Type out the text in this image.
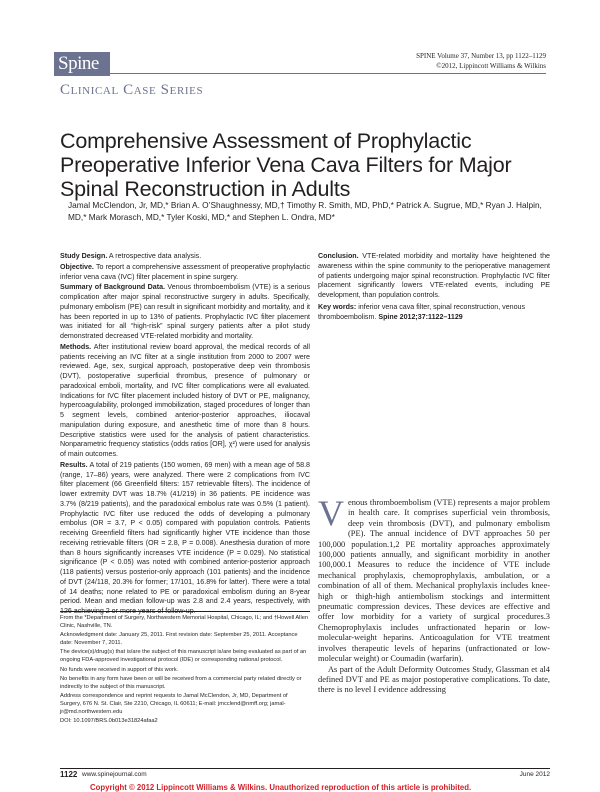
Spine	SPINE Volume 37, Number 13, pp 1122–1129
©2012, Lippincott Williams & Wilkins
Clinical Case Series
Comprehensive Assessment of Prophylactic Preoperative Inferior Vena Cava Filters for Major Spinal Reconstruction in Adults
Jamal McClendon, Jr, MD,* Brian A. O’Shaughnessy, MD,† Timothy R. Smith, MD, PhD,* Patrick A. Sugrue, MD,* Ryan J. Halpin, MD,* Mark Morasch, MD,* Tyler Koski, MD,* and Stephen L. Ondra, MD*

Study Design. A retrospective data analysis.

Objective. To report a comprehensive assessment of preoperative prophylactic inferior vena cava (IVC) filter placement in spine surgery.

Summary of Background Data. Venous thromboembolism (VTE) is a serious complication after major spinal reconstructive surgery in adults. Specifically, pulmonary embolism (PE) can result in significant morbidity and mortality, and it has been reported in up to 13% of patients. Prophylactic IVC filter placement was initiated for all “high-risk” spinal surgery patients after a pilot study demonstrated decreased VTE-related morbidity and mortality.

Methods. After institutional review board approval, the medical records of all patients receiving an IVC filter at a single institution from 2000 to 2007 were reviewed. Age, sex, surgical approach, postoperative deep vein thrombosis (DVT), postoperative superficial thrombus, presence of pulmonary or paradoxical emboli, mortality, and IVC filter complications were all evaluated. Indications for IVC filter placement included history of DVT or PE, malignancy, hypercoagulability, prolonged immobilization, staged procedures of longer than 5 segment levels, combined anterior-posterior approaches, iliocaval manipulation during exposure, and anesthetic time of more than 8 hours. Descriptive statistics were used for the analysis of patient characteristics. Nonparametric frequency statistics (odds ratios [OR], χ²) were used for analysis of main outcomes.

Results. A total of 219 patients (150 women, 69 men) with a mean age of 58.8 (range, 17–86) years, were analyzed. There were 2 complications from IVC filter placement (66 Greenfield filters: 157 retrievable filters). The incidence of lower extremity DVT was 18.7% (41/219) in 36 patients. PE incidence was 3.7% (8/219 patients), and the paradoxical embolus rate was 0.5% (1 patient). Prophylactic IVC filter use reduced the odds of developing a pulmonary embolus (OR = 3.7, P < 0.05) compared with population controls. Patients receiving Greenfield filters had significantly higher VTE incidence than those receiving retrievable filters (OR = 2.8, P = 0.008). Anesthesia duration of more than 8 hours significantly increases VTE incidence (P = 0.029). No statistical significance (P < 0.05) was noted with combined anterior-posterior approach (118 patients) versus posterior-only approach (101 patients) and the incidence of DVT (24/118, 20.3% for former; 17/101, 16.8% for latter). There were a total of 14 deaths; none related to PE or paradoxical embolism during an 8-year period. Mean and median follow-up was 2.8 and 2.4 years, respectively, with 126 achieving 2 or more years of follow-up.

Conclusion. VTE-related morbidity and mortality have heightened the awareness within the spine community to the perioperative management of patients undergoing major spinal reconstruction. Prophylactic IVC filter placement significantly lowers VTE-related events, including PE development, than population controls.

Key words: inferior vena cava filter, spinal reconstruction, venous thromboembolism. Spine 2012;37:1122–1129

From the *Department of Surgery, Northwestern Memorial Hospital, Chicago, IL; and †Howell Allen Clinic, Nashville, TN.

Acknowledgment date: January 25, 2011. First revision date: September 25, 2011. Acceptance date: November 7, 2011.

The device(s)/drug(s) that is/are the subject of this manuscript is/are being evaluated as part of an ongoing FDA-approved investigational protocol (IDE) or corresponding national protocol.

No funds were received in support of this work.

No benefits in any form have been or will be received from a commercial party related directly or indirectly to the subject of this manuscript.

Address correspondence and reprint requests to Jamal McClendon, Jr, MD, Department of Surgery, 676 N. St. Clair, Ste 2210, Chicago, IL 60611; E-mail: jmcclend@nmff.org; jamal-jr@md.northwestern.edu

DOI: 10.1097/BRS.0b013e31824afaa2

Venous thromboembolism (VTE) represents a major problem in health care. It comprises superficial vein thrombosis, deep vein thrombosis (DVT), and pulmonary embolism (PE). The annual incidence of DVT approaches 50 per 100,000 population.1,2 PE mortality approaches approximately 100,000 patients annually, and significant morbidity in another 100,000.1 Measures to reduce the incidence of VTE include mechanical prophylaxis, chemoprophylaxis, ambulation, or a combination of all of them. Mechanical prophylaxis includes knee-high or thigh-high antiembolism stockings and intermittent pneumatic compression devices. These devices are effective and offer low morbidity for a variety of surgical procedures.3 Chemoprophylaxis includes unfractionated heparin or low-molecular-weight heparins. Anticoagulation for VTE treatment involves therapeutic levels of heparins (unfractionated or low-molecular weight) or Coumadin (warfarin).

As part of the Adult Deformity Outcomes Study, Glassman et al4 defined DVT and PE as major postoperative complications. To date, there is no level I evidence addressing

1122 www.spinejournal.com	June 2012
Copyright © 2012 Lippincott Williams & Wilkins. Unauthorized reproduction of this article is prohibited.
